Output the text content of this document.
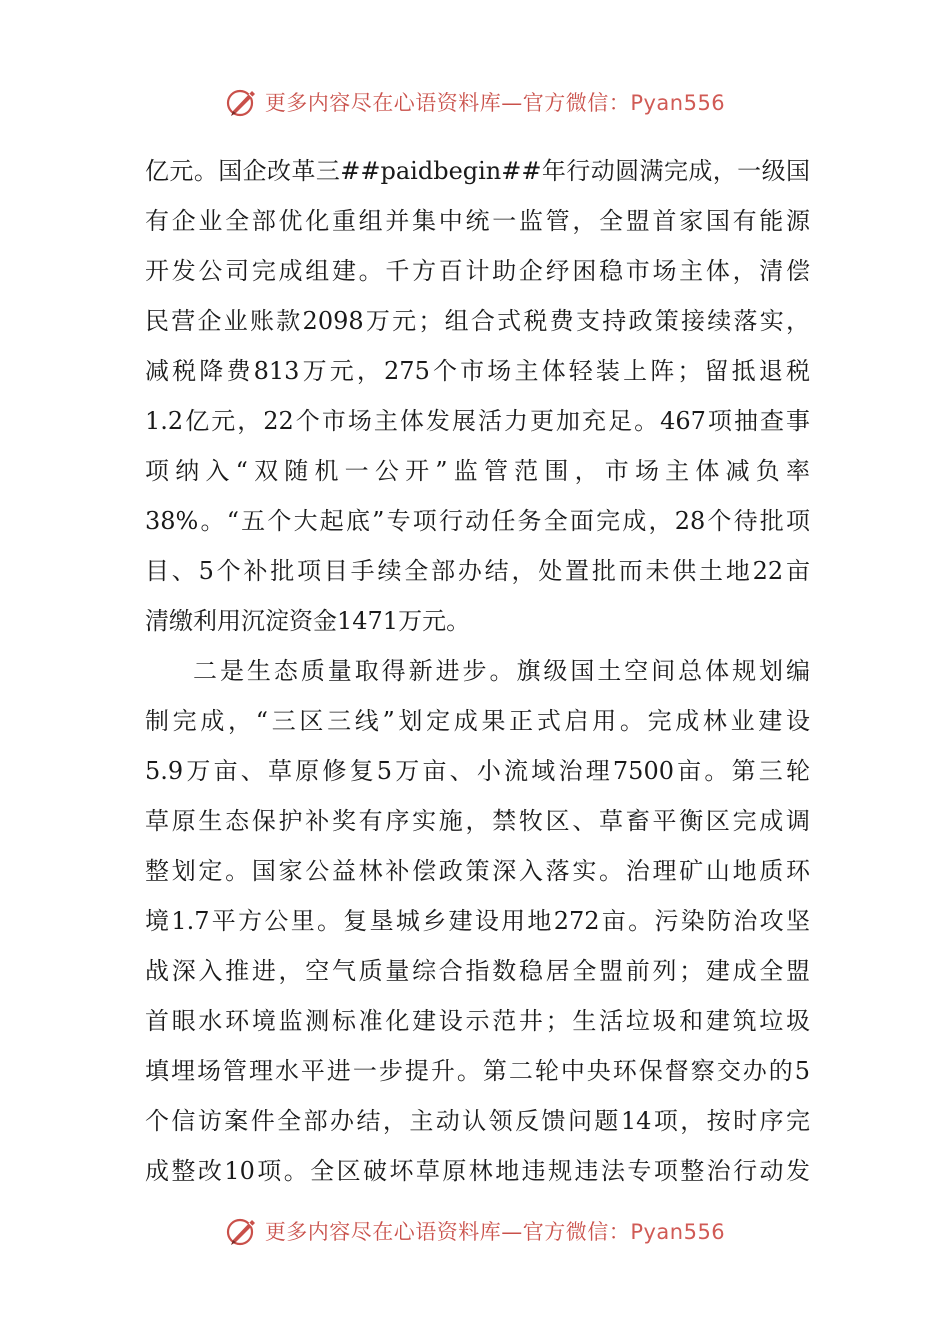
更多内容尽在心语资料库—官方微信：Pyan556
亿元。国企改革三##paidbegin##年行动圆满完成，一级国
有企业全部优化重组并集中统一监管，全盟首家国有能源
开发公司完成组建。千方百计助企纾困稳市场主体，清偿
民营企业账款2098万元；组合式税费支持政策接续落实，
减税降费813万元，275个市场主体轻装上阵；留抵退税
1.2亿元，22个市场主体发展活力更加充足。467项抽查事
项纳入“双随机一公开”监管范围，市场主体减负率
38%。“五个大起底”专项行动任务全面完成，28个待批项
目、5个补批项目手续全部办结，处置批而未供土地22亩
清缴利用沉淀资金1471万元。
二是生态质量取得新进步。旗级国土空间总体规划编
制完成，“三区三线”划定成果正式启用。完成林业建设
5.9万亩、草原修复5万亩、小流域治理7500亩。第三轮
草原生态保护补奖有序实施，禁牧区、草畜平衡区完成调
整划定。国家公益林补偿政策深入落实。治理矿山地质环
境1.7平方公里。复垦城乡建设用地272亩。污染防治攻坚
战深入推进，空气质量综合指数稳居全盟前列；建成全盟
首眼水环境监测标准化建设示范井；生活垃圾和建筑垃圾
填埋场管理水平进一步提升。第二轮中央环保督察交办的5
个信访案件全部办结，主动认领反馈问题14项，按时序完
成整改10项。全区破坏草原林地违规违法专项整治行动发
更多内容尽在心语资料库—官方微信：Pyan556
